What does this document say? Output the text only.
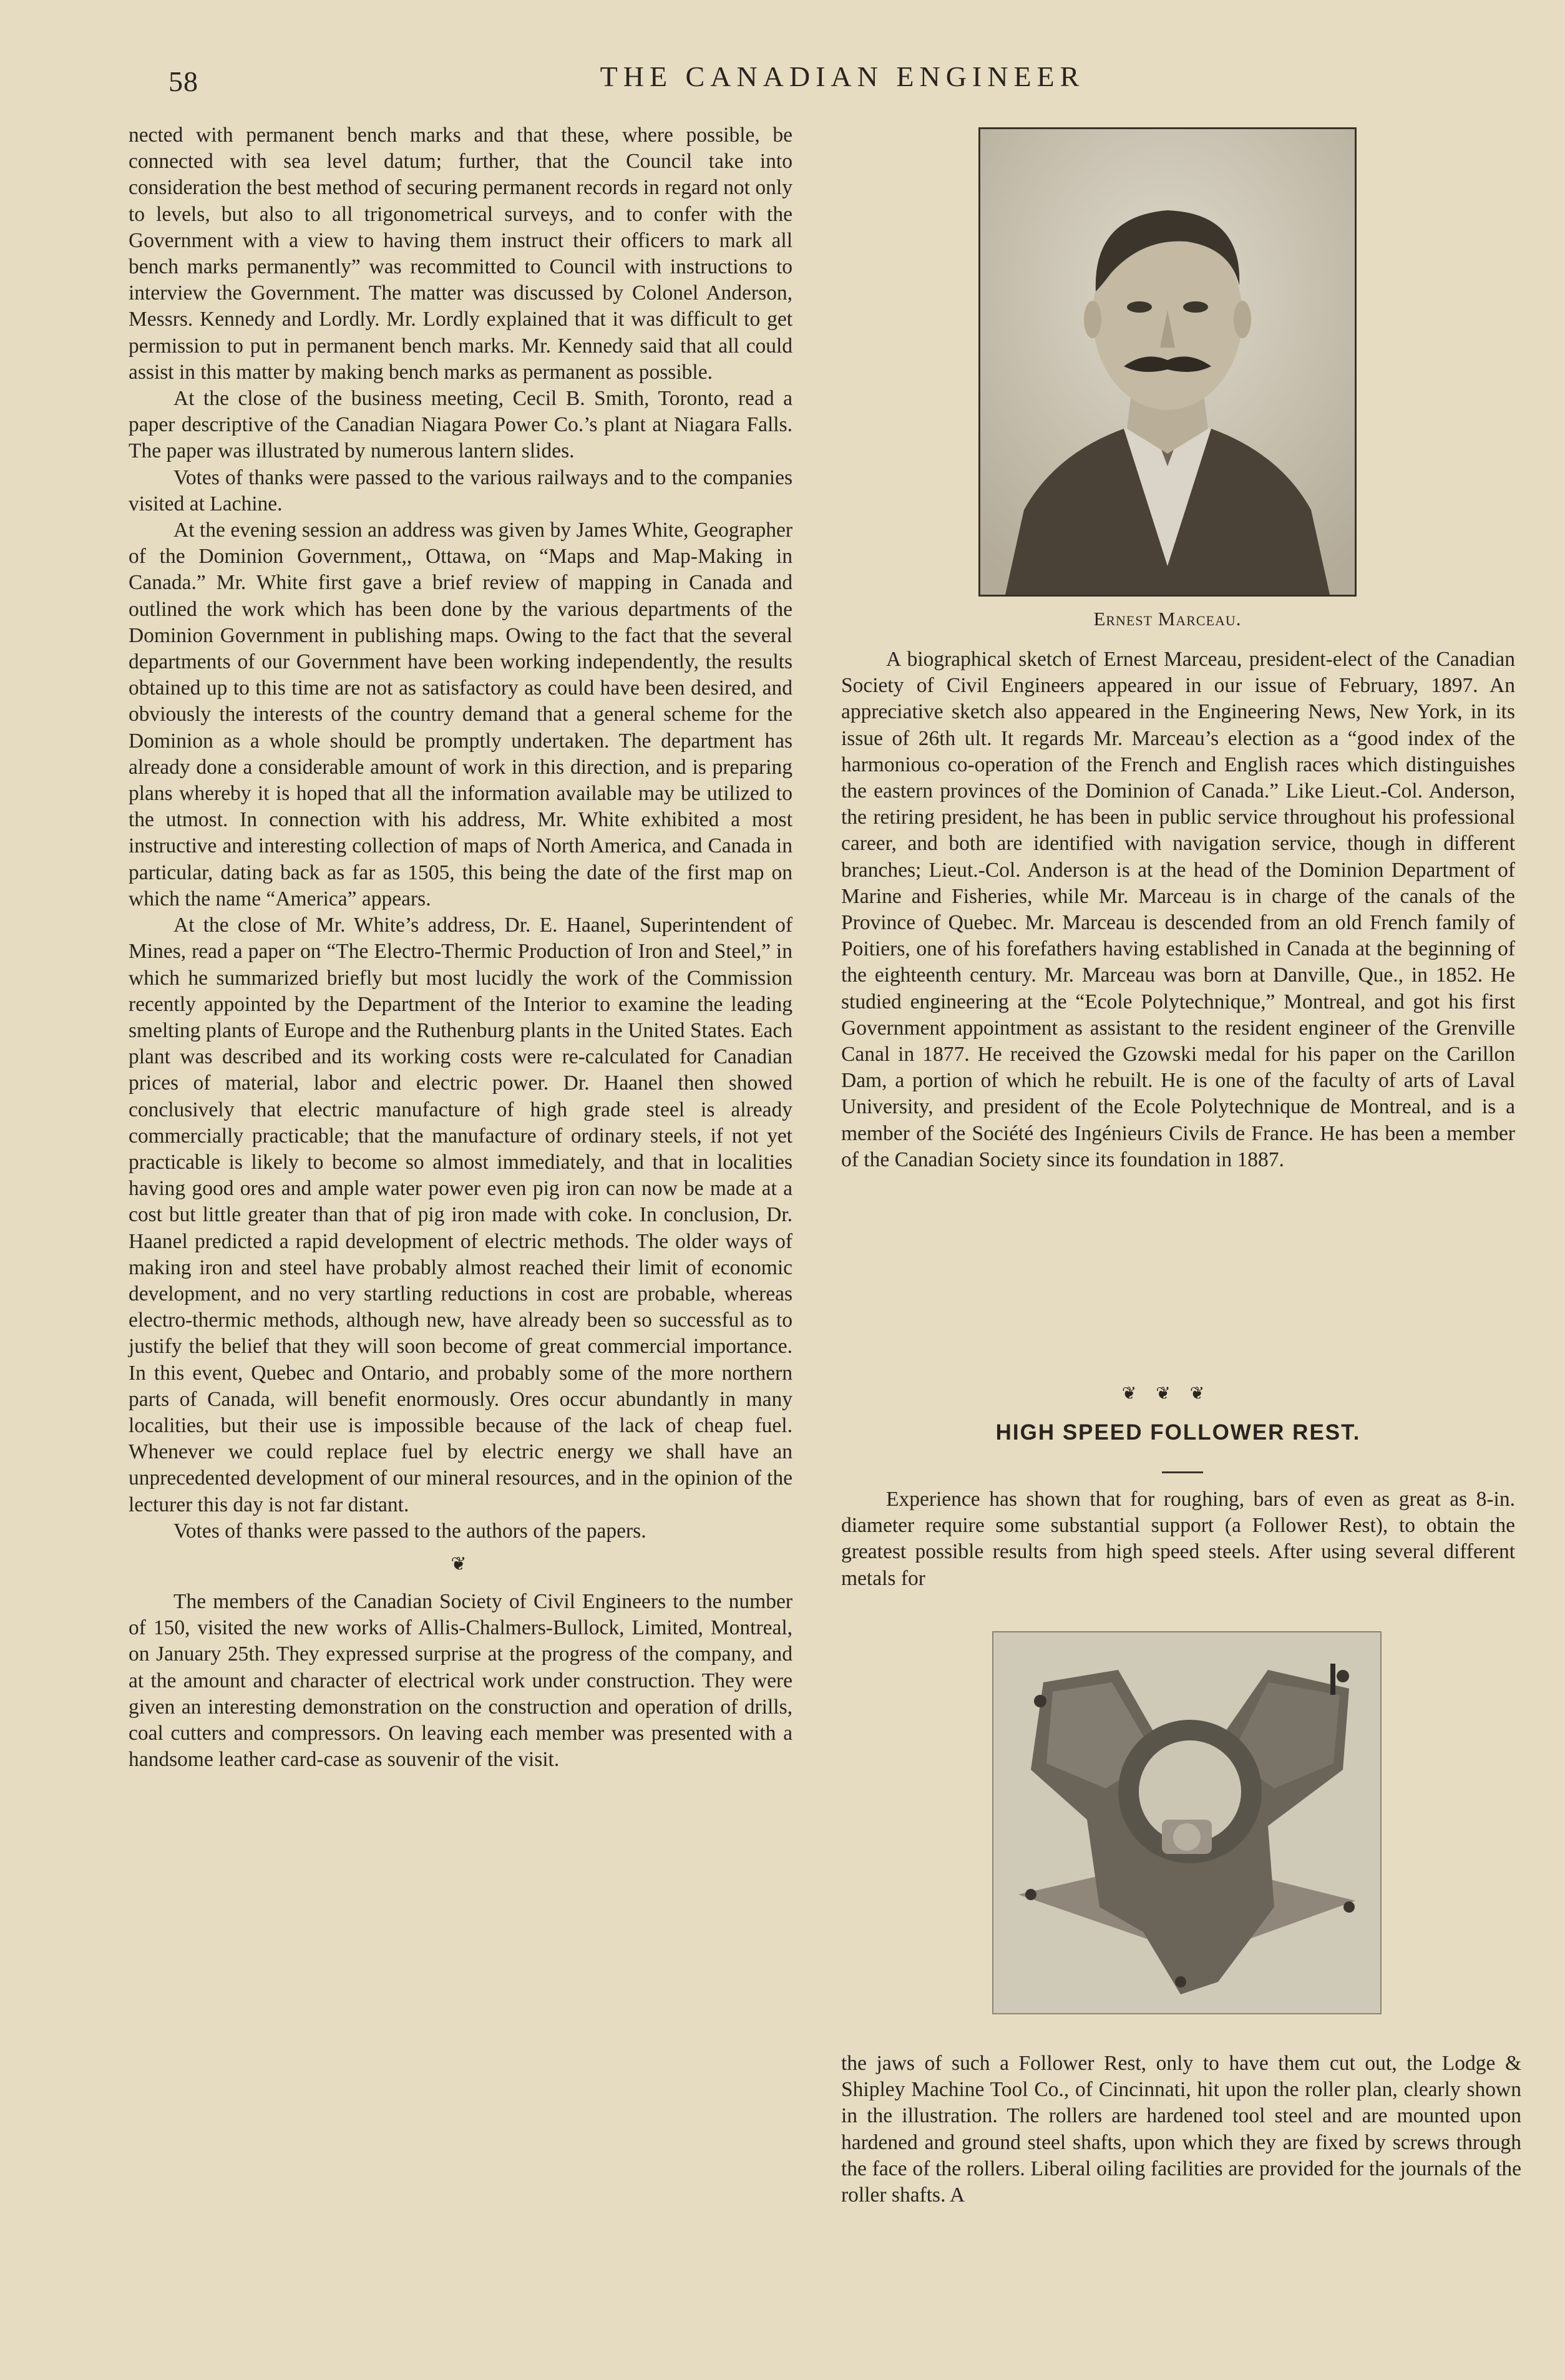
58	THE CANADIAN ENGINEER

nected with permanent bench marks and that these, where possible, be connected with sea level datum; further, that the Council take into consideration the best method of securing permanent records in regard not only to levels, but also to all trigonometrical surveys, and to confer with the Government with a view to having them instruct their officers to mark all bench marks permanently” was recommitted to Council with instructions to interview the Government. The matter was discussed by Colonel Anderson, Messrs. Kennedy and Lordly. Mr. Lordly explained that it was difficult to get permission to put in permanent bench marks. Mr. Kennedy said that all could assist in this matter by making bench marks as permanent as possible.

At the close of the business meeting, Cecil B. Smith, Toronto, read a paper descriptive of the Canadian Niagara Power Co.’s plant at Niagara Falls. The paper was illustrated by numerous lantern slides.

Votes of thanks were passed to the various railways and to the companies visited at Lachine.

At the evening session an address was given by James White, Geographer of the Dominion Government,, Ottawa, on “Maps and Map-Making in Canada.” Mr. White first gave a brief review of mapping in Canada and outlined the work which has been done by the various departments of the Dominion Government in publishing maps. Owing to the fact that the several departments of our Government have been working independently, the results obtained up to this time are not as satisfactory as could have been desired, and obviously the interests of the country demand that a general scheme for the Dominion as a whole should be promptly undertaken. The department has already done a considerable amount of work in this direction, and is preparing plans whereby it is hoped that all the information available may be utilized to the utmost. In connection with his address, Mr. White exhibited a most instructive and interesting collection of maps of North America, and Canada in particular, dating back as far as 1505, this being the date of the first map on which the name “America” appears.

At the close of Mr. White’s address, Dr. E. Haanel, Superintendent of Mines, read a paper on “The Electro-Thermic Production of Iron and Steel,” in which he summarized briefly but most lucidly the work of the Commission recently appointed by the Department of the Interior to examine the leading smelting plants of Europe and the Ruthenburg plants in the United States. Each plant was described and its working costs were re-calculated for Canadian prices of material, labor and electric power. Dr. Haanel then showed conclusively that electric manufacture of high grade steel is already commercially practicable; that the manufacture of ordinary steels, if not yet practicable is likely to become so almost immediately, and that in localities having good ores and ample water power even pig iron can now be made at a cost but little greater than that of pig iron made with coke. In conclusion, Dr. Haanel predicted a rapid development of electric methods. The older ways of making iron and steel have probably almost reached their limit of economic development, and no very startling reductions in cost are probable, whereas electro-thermic methods, although new, have already been so successful as to justify the belief that they will soon become of great commercial importance. In this event, Quebec and Ontario, and probably some of the more northern parts of Canada, will benefit enormously. Ores occur abundantly in many localities, but their use is impossible because of the lack of cheap fuel. Whenever we could replace fuel by electric energy we shall have an unprecedented development of our mineral resources, and in the opinion of the lecturer this day is not far distant.

Votes of thanks were passed to the authors of the papers.

❦

The members of the Canadian Society of Civil Engineers to the number of 150, visited the new works of Allis-Chalmers-Bullock, Limited, Montreal, on January 25th. They expressed surprise at the progress of the company, and at the amount and character of electrical work under construction. They were given an interesting demonstration on the construction and operation of drills, coal cutters and compressors. On leaving each member was presented with a handsome leather card-case as souvenir of the visit.

Ernest Marceau.

A biographical sketch of Ernest Marceau, president-elect of the Canadian Society of Civil Engineers appeared in our issue of February, 1897. An appreciative sketch also appeared in the Engineering News, New York, in its issue of 26th ult. It regards Mr. Marceau’s election as a “good index of the harmonious co-operation of the French and English races which distinguishes the eastern provinces of the Dominion of Canada.” Like Lieut.-Col. Anderson, the retiring president, he has been in public service throughout his professional career, and both are identified with navigation service, though in different branches; Lieut.-Col. Anderson is at the head of the Dominion Department of Marine and Fisheries, while Mr. Marceau is in charge of the canals of the Province of Quebec. Mr. Marceau is descended from an old French family of Poitiers, one of his forefathers having established in Canada at the beginning of the eighteenth century. Mr. Marceau was born at Danville, Que., in 1852. He studied engineering at the “Ecole Polytechnique,” Montreal, and got his first Government appointment as assistant to the resident engineer of the Grenville Canal in 1877. He received the Gzowski medal for his paper on the Carillon Dam, a portion of which he rebuilt. He is one of the faculty of arts of Laval University, and president of the Ecole Polytechnique de Montreal, and is a member of the Société des Ingénieurs Civils de France. He has been a member of the Canadian Society since its foundation in 1887.

❦ ❦ ❦
HIGH SPEED FOLLOWER REST.

Experience has shown that for roughing, bars of even as great as 8-in. diameter require some substantial support (a Follower Rest), to obtain the greatest possible results from high speed steels. After using several different metals for

the jaws of such a Follower Rest, only to have them cut out, the Lodge & Shipley Machine Tool Co., of Cincinnati, hit upon the roller plan, clearly shown in the illustration. The rollers are hardened tool steel and are mounted upon hardened and ground steel shafts, upon which they are fixed by screws through the face of the rollers. Liberal oiling facilities are provided for the journals of the roller shafts. A
